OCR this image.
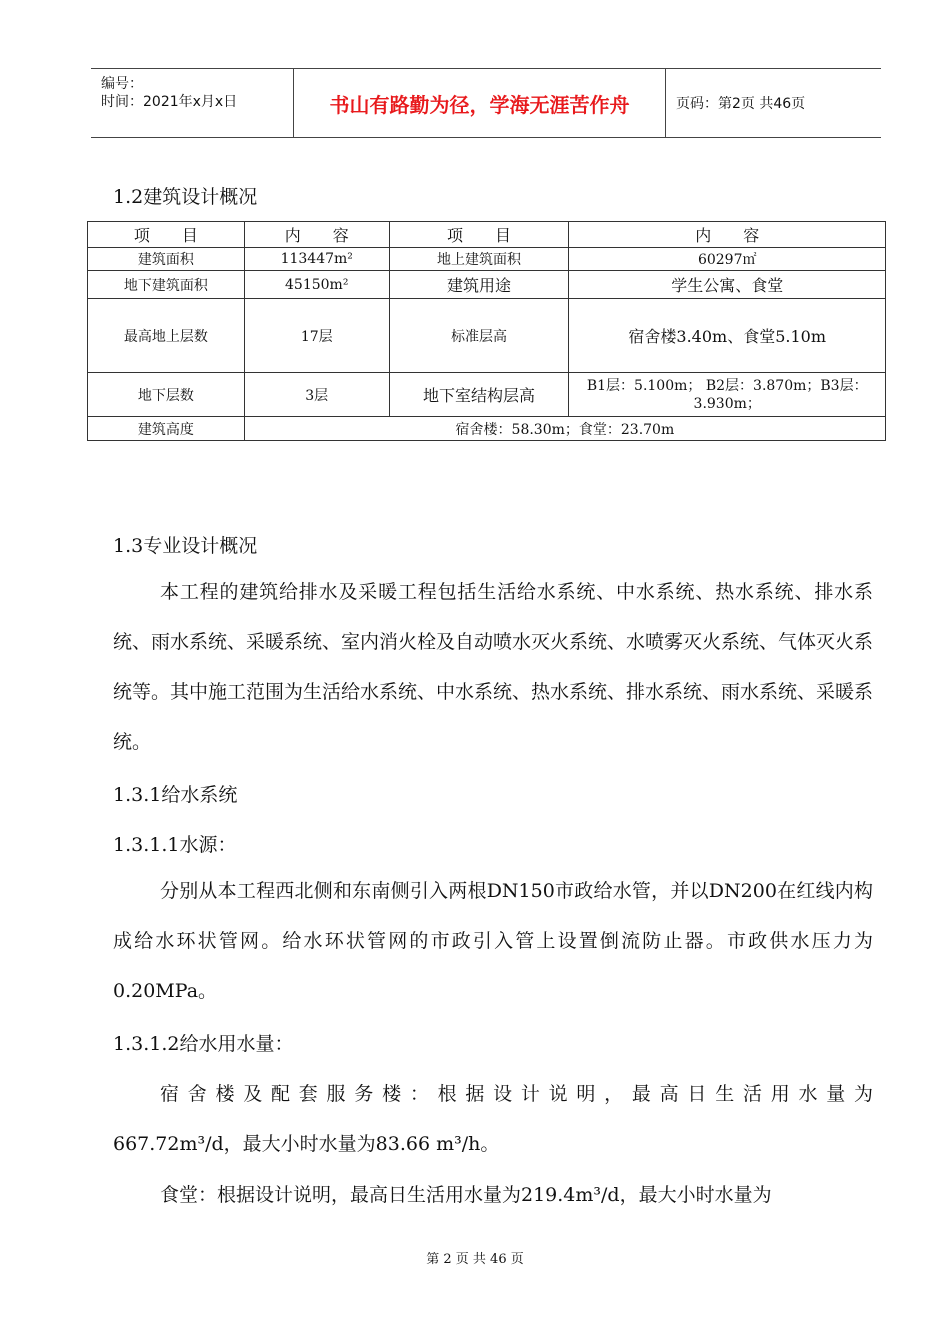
编号：
时间：2021年x月x日	书山有路勤为径，学海无涯苦作舟	页码：第2页 共46页
1.2建筑设计概况
项　　目	内　　容	项　　目	内　　容
建筑面积	113447m²	地上建筑面积	60297㎡
地下建筑面积	45150m²	建筑用途	学生公寓、食堂
最高地上层数	17层	标准层高	宿舍楼3.40m、食堂5.10m
地下层数	3层	地下室结构层高	B1层：5.100m； B2层：3.870m；B3层：3.930m；
建筑高度	宿舍楼：58.30m；食堂：23.70m		
1.3专业设计概况
本工程的建筑给排水及采暖工程包括生活给水系统、中水系统、热水系统、排水系统、雨水系统、采暖系统、室内消火栓及自动喷水灭火系统、水喷雾灭火系统、气体灭火系统等。其中施工范围为生活给水系统、中水系统、热水系统、排水系统、雨水系统、采暖系统。
1.3.1给水系统
1.3.1.1水源：
分别从本工程西北侧和东南侧引入两根DN150市政给水管，并以DN200在红线内构成给水环状管网。给水环状管网的市政引入管上设置倒流防止器。市政供水压力为0.20MPa。
1.3.1.2给水用水量：
宿舍楼及配套服务楼：根据设计说明，最高日生活用水量为
667.72m³/d，最大小时水量为83.66 m³/h。
食堂：根据设计说明，最高日生活用水量为219.4m³/d，最大小时水量为
第 2 页 共 46 页
